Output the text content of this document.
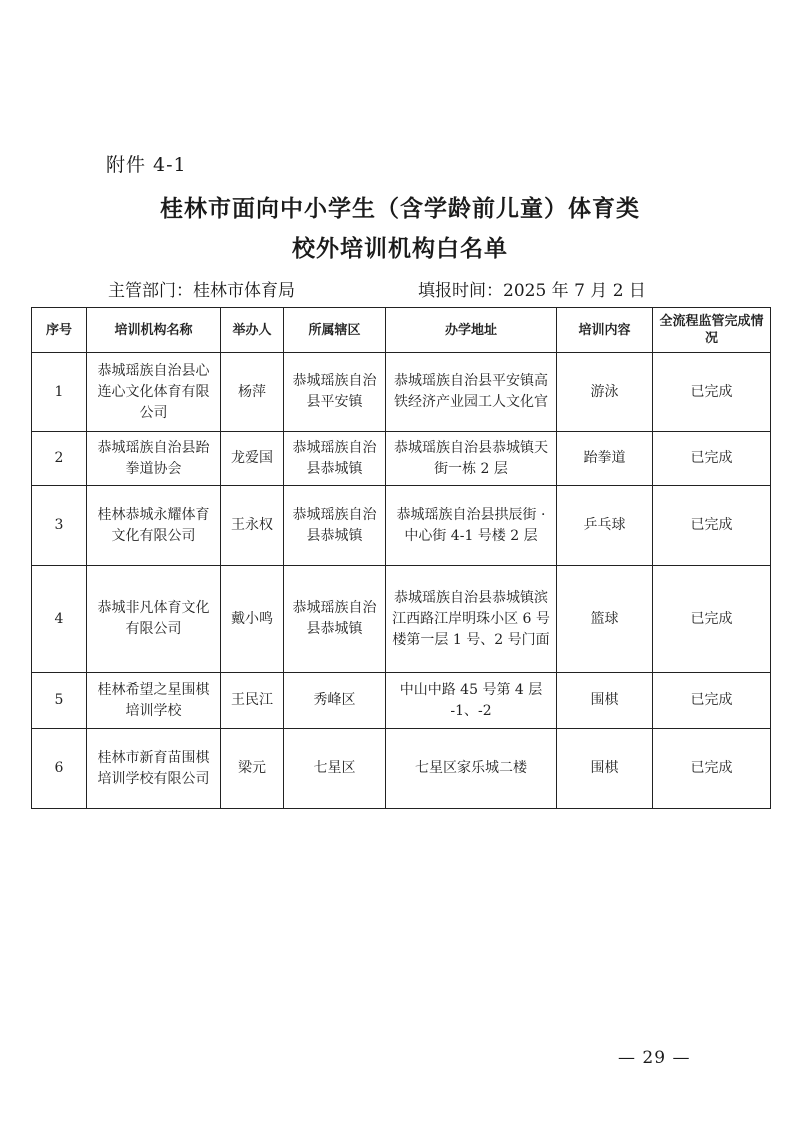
附件 4-1
桂林市面向中小学生（含学龄前儿童）体育类
校外培训机构白名单
主管部门：桂林市体育局	填报时间：2025 年 7 月 2 日
序号	培训机构名称	举办人	所属辖区	办学地址	培训内容	全流程监管完成情况
1	恭城瑶族自治县心连心文化体育有限公司	杨萍	恭城瑶族自治县平安镇	恭城瑶族自治县平安镇高铁经济产业园工人文化官	游泳	已完成
2	恭城瑶族自治县跆拳道协会	龙爱国	恭城瑶族自治县恭城镇	恭城瑶族自治县恭城镇天街一栋 2 层	跆拳道	已完成
3	桂林恭城永耀体育文化有限公司	王永权	恭城瑶族自治县恭城镇	恭城瑶族自治县拱辰街 · 中心街 4-1 号楼 2 层	乒乓球	已完成
4	恭城非凡体育文化有限公司	戴小鸣	恭城瑶族自治县恭城镇	恭城瑶族自治县恭城镇滨江西路江岸明珠小区 6 号楼第一层 1 号、2 号门面	篮球	已完成
5	桂林希望之星围棋培训学校	王民江	秀峰区	中山中路 45 号第 4 层 -1、-2	围棋	已完成
6	桂林市新育苗围棋培训学校有限公司	梁元	七星区	七星区家乐城二楼	围棋	已完成
— 29 —
